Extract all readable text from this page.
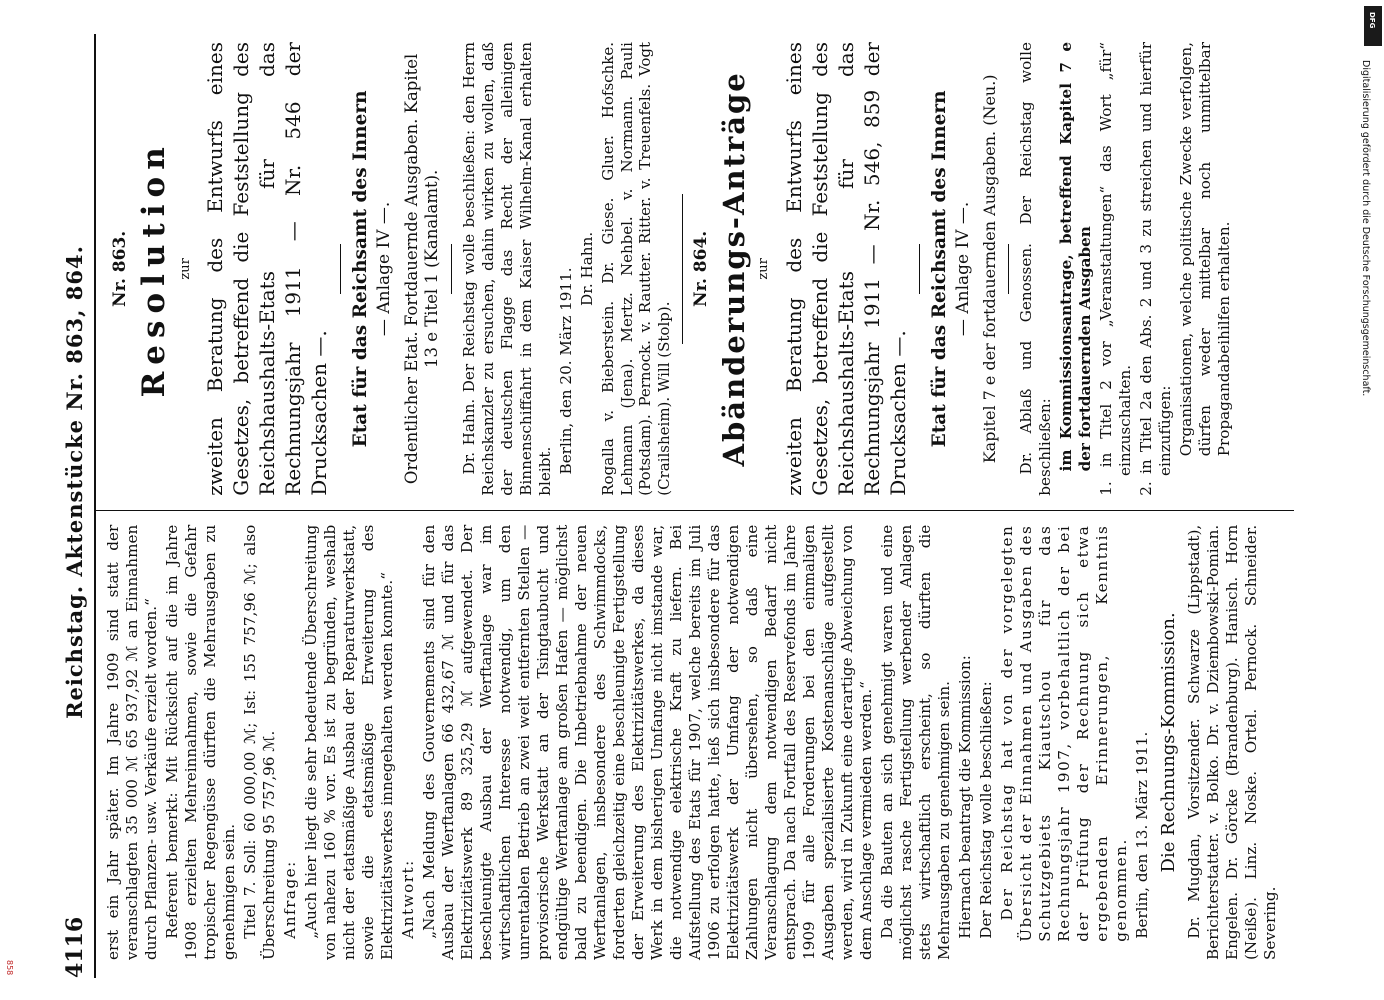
4116
Reichstag. Aktenstücke Nr. 863, 864.

erst ein Jahr später. Im Jahre 1909 sind statt der veranschlagten 35 000 ℳ 65 937,92 ℳ an Einnahmen durch Pflanzen- usw. Verkäufe erzielt worden.“ Referent bemerkt: Mit Rücksicht auf die im Jahre 1908 erzielten Mehreinnahmen, sowie die Gefahr tropischer Regengüsse dürften die Mehrausgaben zu genehmigen sein. Titel 7. Soll: 60 000,00 ℳ; Ist: 155 757,96 ℳ; also Überschreitung 95 757,96 ℳ. Anfrage: „Auch hier liegt die sehr bedeutende Überschreitung von nahezu 160 % vor. Es ist zu begründen, weshalb nicht der etatsmäßige Ausbau der Reparaturwerkstatt, sowie die etatsmäßige Erweiterung des Elektrizitätswerkes innegehalten werden konnte.“ Antwort: „Nach Meldung des Gouvernements sind für den Ausbau der Werftanlagen 66 432,67 ℳ und für das Elektrizitätswerk 89 325,29 ℳ aufgewendet. Der beschleunigte Ausbau der Werftanlage war im wirtschaftlichen Interesse notwendig, um den unrentablen Betrieb an zwei weit entfernten Stellen — provisorische Werkstatt an der Tsingtaubucht und endgültige Werftanlage am großen Hafen — möglichst bald zu beendigen. Die Inbetriebnahme der neuen Werftanlagen, insbesondere des Schwimmdocks, forderten gleichzeitig eine beschleunigte Fertigstellung der Erweiterung des Elektrizitätswerkes, da dieses Werk in dem bisherigen Umfange nicht imstande war, die notwendige elektrische Kraft zu liefern. Bei Aufstellung des Etats für 1907, welche bereits im Juli 1906 zu erfolgen hatte, ließ sich insbesondere für das Elektrizitätswerk der Umfang der notwendigen Zahlungen nicht übersehen, so daß eine Veranschlagung dem notwendigen Bedarf nicht entsprach. Da nach Fortfall des Reservefonds im Jahre 1909 für alle Forderungen bei den einmaligen Ausgaben spezialisierte Kostenanschläge aufgestellt werden, wird in Zukunft eine derartige Abweichung von dem Anschlage vermieden werden.“ Da die Bauten an sich genehmigt waren und eine möglichst rasche Fertigstellung werbender Anlagen stets wirtschaftlich erscheint, so dürften die Mehrausgaben zu genehmigen sein. Hiernach beantragt die Kommission: Der Reichstag wolle beschließen: Der Reichstag hat von der vorgelegten Übersicht der Einnahmen und Ausgaben des Schutzgebiets Kiautschou für das Rechnungsjahr 1907, vorbehaltlich der bei der Prüfung der Rechnung sich etwa ergebenden Erinnerungen, Kenntnis genommen. Berlin, den 13. März 1911. Die Rechnungs-Kommission. Dr. Mugdan, Vorsitzender. Schwarze (Lippstadt), Berichterstatter. v. Bolko. Dr. v. Dziembowski-Pomian. Engelen. Dr. Görcke (Brandenburg). Hanisch. Horn (Neiße). Linz. Noske. Ortel. Pernock. Schneider. Severing.

Nr. 863. Resolution zur zweiten Beratung des Entwurfs eines Gesetzes, betreffend die Feststellung des Reichshaushalts-Etats für das Rechnungsjahr 1911 — Nr. 546 der Drucksachen —. Etat für das Reichsamt des Innern — Anlage IV —. Ordentlicher Etat. Fortdauernde Ausgaben. Kapitel 13 e Titel 1 (Kanalamt). Dr. Hahn. Der Reichstag wolle beschließen: den Herrn Reichskanzler zu ersuchen, dahin wirken zu wollen, daß der deutschen Flagge das Recht der alleinigen Binnenschiffahrt in dem Kaiser Wilhelm-Kanal erhalten bleibt. Berlin, den 20. März 1911. Dr. Hahn. Rogalla v. Bieberstein. Dr. Giese. Gluer. Hofschke. Lehmann (Jena). Mertz. Nehbel. v. Normann. Pauli (Potsdam). Pernock. v. Rautter. Ritter. v. Treuenfels. Vogt (Crailsheim). Will (Stolp).

Nr. 864. Abänderungs-Anträge zur zweiten Beratung des Entwurfs eines Gesetzes, betreffend die Feststellung des Reichshaushalts-Etats für das Rechnungsjahr 1911 — Nr. 546, 859 der Drucksachen —. Etat für das Reichsamt des Innern — Anlage IV —. Kapitel 7 e der fortdauernden Ausgaben. (Neu.) Dr. Ablaß und Genossen. Der Reichstag wolle beschließen: im Kommissionsantrage, betreffend Kapitel 7 e der fortdauernden Ausgaben 1. in Titel 2 vor „Veranstaltungen“ das Wort „für“ einzuschalten. 2. in Titel 2a den Abs. 2 und 3 zu streichen und hierfür einzufügen: Organisationen, welche politische Zwecke verfolgen, dürfen weder mittelbar noch unmittelbar Propagandabeihilfen erhalten.

DFG
Digitalisierung gefördert durch die Deutsche Forschungsgemeinschaft.
858
